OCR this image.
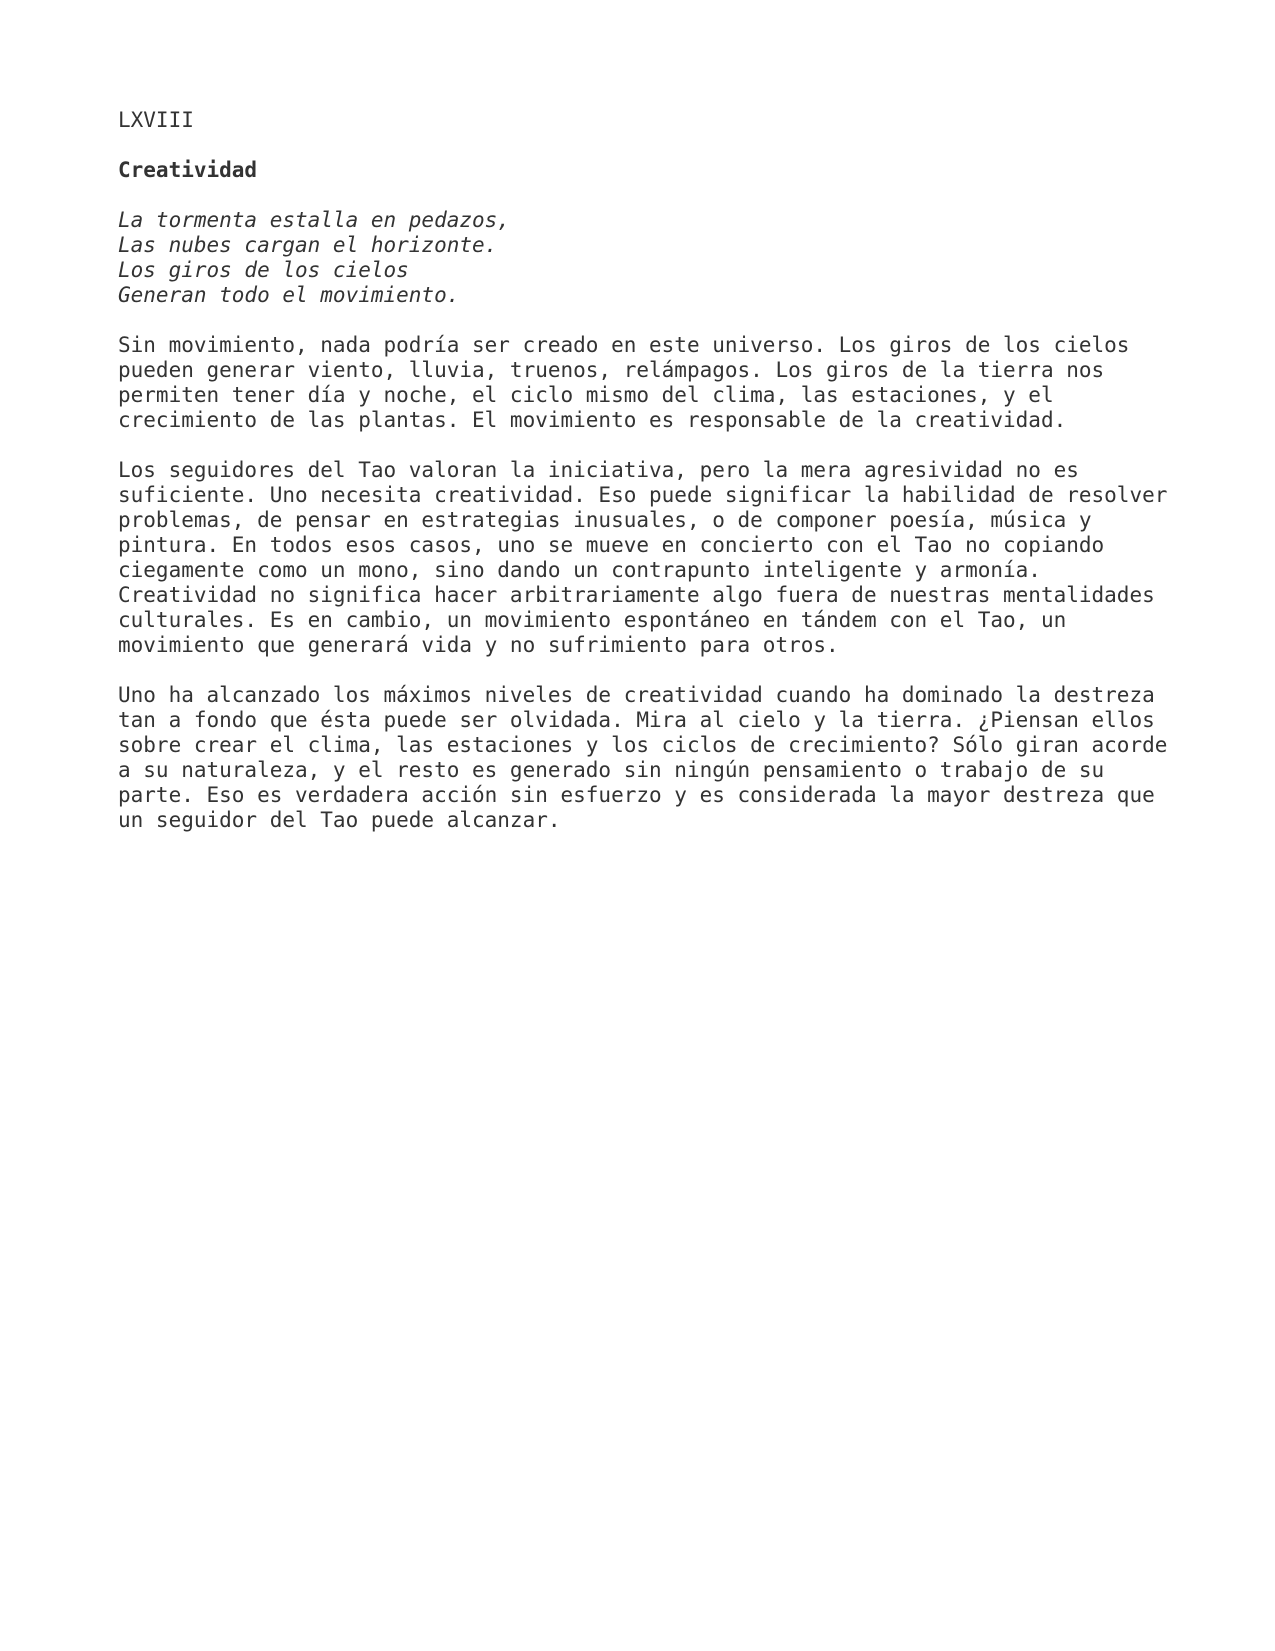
LXVIII
Creatividad
La tormenta estalla en pedazos,
Las nubes cargan el horizonte.
Los giros de los cielos
Generan todo el movimiento.
Sin movimiento, nada podría ser creado en este universo. Los giros de los cielos
pueden generar viento, lluvia, truenos, relámpagos. Los giros de la tierra nos
permiten tener día y noche, el ciclo mismo del clima, las estaciones, y el
crecimiento de las plantas. El movimiento es responsable de la creatividad.
Los seguidores del Tao valoran la iniciativa, pero la mera agresividad no es
suficiente. Uno necesita creatividad. Eso puede significar la habilidad de resolver
problemas, de pensar en estrategias inusuales, o de componer poesía, música y
pintura. En todos esos casos, uno se mueve en concierto con el Tao no copiando
ciegamente como un mono, sino dando un contrapunto inteligente y armonía.
Creatividad no significa hacer arbitrariamente algo fuera de nuestras mentalidades
culturales. Es en cambio, un movimiento espontáneo en tándem con el Tao, un
movimiento que generará vida y no sufrimiento para otros.
Uno ha alcanzado los máximos niveles de creatividad cuando ha dominado la destreza
tan a fondo que ésta puede ser olvidada. Mira al cielo y la tierra. ¿Piensan ellos
sobre crear el clima, las estaciones y los ciclos de crecimiento? Sólo giran acorde
a su naturaleza, y el resto es generado sin ningún pensamiento o trabajo de su
parte. Eso es verdadera acción sin esfuerzo y es considerada la mayor destreza que
un seguidor del Tao puede alcanzar.
